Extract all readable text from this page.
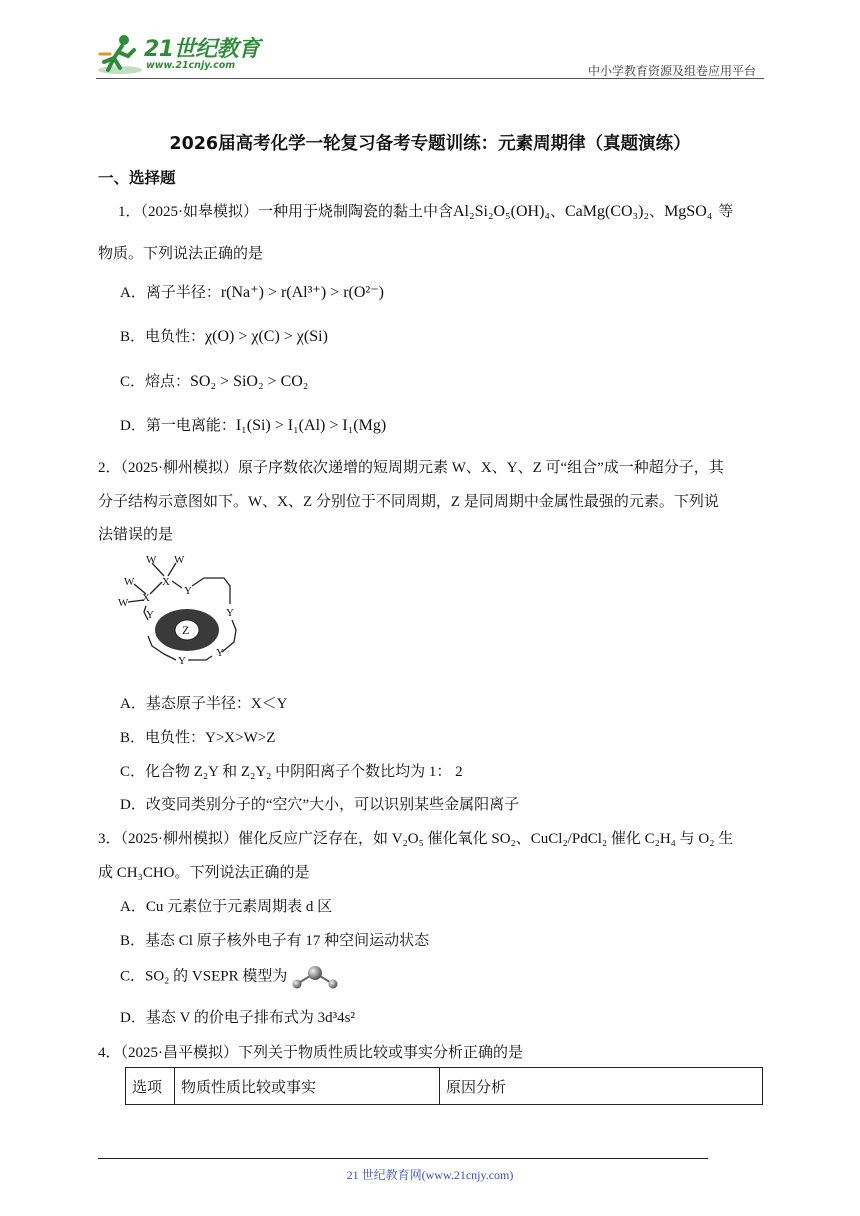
21世纪教育
www.21cnjy.com	中小学教育资源及组卷应用平台
2026届高考化学一轮复习备考专题训练：元素周期律（真题演练）
一、选择题
1．（2025·如皋模拟）一种用于烧制陶瓷的黏土中含Al₂Si₂O₅(OH)₄、CaMg(CO₃)₂、MgSO₄ 等
物质。下列说法正确的是
A．离子半径：r(Na⁺) > r(Al³⁺) > r(O²⁻)
B．电负性：χ(O) > χ(C) > χ(Si)
C．熔点：SO₂ > SiO₂ > CO₂
D．第一电离能：I₁(Si) > I₁(Al) > I₁(Mg)
2．（2025·柳州模拟）原子序数依次递增的短周期元素 W、X、Y、Z 可“组合”成一种超分子，其
分子结构示意图如下。W、X、Z 分别位于不同周期，Z 是同周期中金属性最强的元素。下列说
法错误的是
W W
W
W
X
X
Y
Y	Y
Y
Y
Z
A．基态原子半径：X＜Y
B．电负性：Y>X>W>Z
C．化合物 Z₂Y 和 Z₂Y₂ 中阴阳离子个数比均为 1： 2
D．改变同类别分子的“空穴”大小，可以识别某些金属阳离子
3．（2025·柳州模拟）催化反应广泛存在，如 V₂O₅ 催化氧化 SO₂、CuCl₂/PdCl₂ 催化 C₂H₄ 与 O₂ 生
成 CH₃CHO。下列说法正确的是
A．Cu 元素位于元素周期表 d 区
B．基态 Cl 原子核外电子有 17 种空间运动状态
C．SO₂ 的 VSEPR 模型为
D．基态 V 的价电子排布式为 3d³4s²
4．（2025·昌平模拟）下列关于物质性质比较或事实分析正确的是
选项	物质性质比较或事实	原因分析
21 世纪教育网(www.21cnjy.com)
